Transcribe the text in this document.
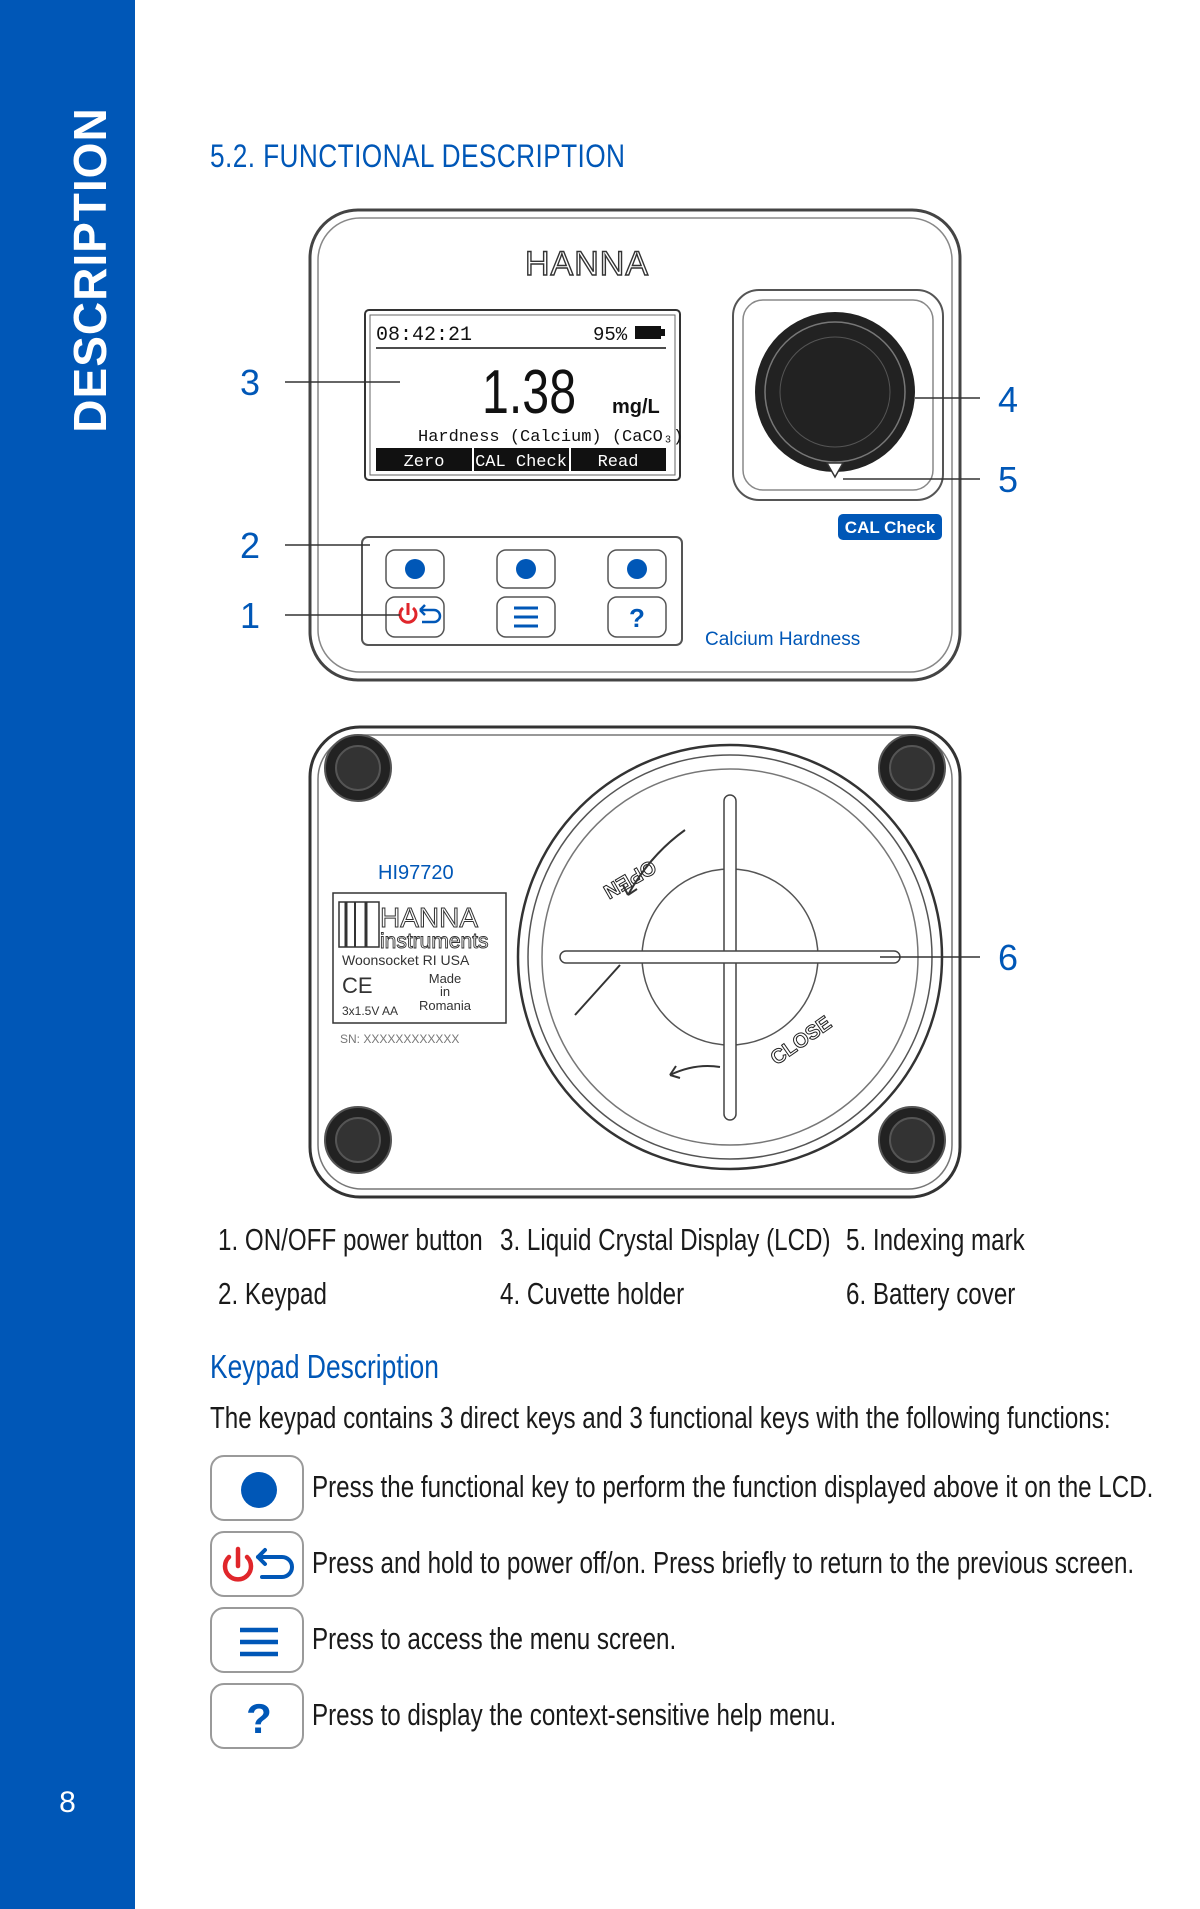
DESCRIPTION
8
5.2. FUNCTIONAL DESCRIPTION
HANNA
08:42:21	95%
1.38 mg/L
Hardness (Calcium) (CaCO₃)
Zero CAL Check Read
CAL Check
?
Calcium Hardness
3
2
1
4
5
OPEN
CLOSE
HI97720
HANNA
instruments
Woonsocket RI USA
CE	Made
in
Romania
3x1.5V AA
SN: XXXXXXXXXXXX
6
1. ON/OFF power button
2. Keypad
3. Liquid Crystal Display (LCD)
4. Cuvette holder
5. Indexing mark
6. Battery cover
Keypad Description
The keypad contains 3 direct keys and 3 functional keys with the following functions:
Press the functional key to perform the function displayed above it on the LCD.
Press and hold to power off/on. Press briefly to return to the previous screen.
Press to access the menu screen.
? Press to display the context-sensitive help menu.
